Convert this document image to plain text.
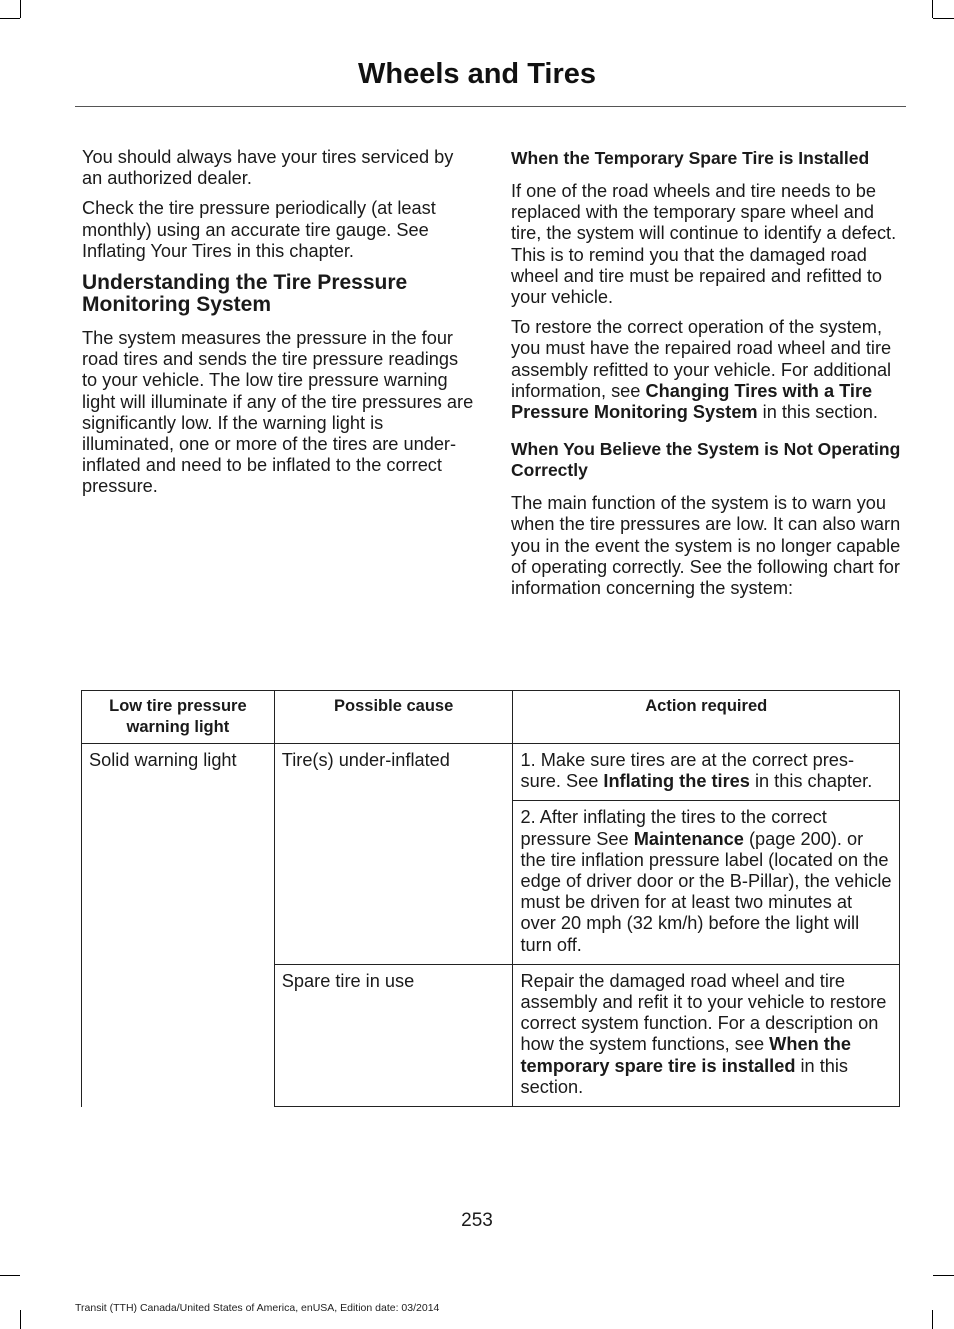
Wheels and Tires

You should always have your tires serviced by an authorized dealer.

Check the tire pressure periodically (at least monthly) using an accurate tire gauge. See Inflating Your Tires in this chapter.

Understanding the Tire Pressure Monitoring System

The system measures the pressure in the four road tires and sends the tire pressure readings to your vehicle. The low tire pressure warning light will illuminate if any of the tire pressures are significantly low. If the warning light is illuminated, one or more of the tires are under-inflated and need to be inflated to the correct pressure.

When the Temporary Spare Tire is Installed

If one of the road wheels and tire needs to be replaced with the temporary spare wheel and tire, the system will continue to identify a defect. This is to remind you that the damaged road wheel and tire must be repaired and refitted to your vehicle.

To restore the correct operation of the system, you must have the repaired road wheel and tire assembly refitted to your vehicle. For additional information, see Changing Tires with a Tire Pressure Monitoring System in this section.

When You Believe the System is Not Operating Correctly

The main function of the system is to warn you when the tire pressures are low. It can also warn you in the event the system is no longer capable of operating correctly. See the following chart for information concerning the system:

Low tire pressure warning light	Possible cause	Action required
Solid warning light	Tire(s) under-inflated	1. Make sure tires are at the correct pres-sure. See Inflating the tires in this chapter.
		2. After inflating the tires to the correct pressure See Maintenance (page 200). or the tire inflation pressure label (located on the edge of driver door or the B-Pillar), the vehicle must be driven for at least two minutes at over 20 mph (32 km/h) before the light will turn off.
	Spare tire in use	Repair the damaged road wheel and tire assembly and refit it to your vehicle to restore correct system function. For a description on how the system functions, see When the temporary spare tire is installed in this section.
253
Transit (TTH) Canada/United States of America, enUSA, Edition date: 03/2014
